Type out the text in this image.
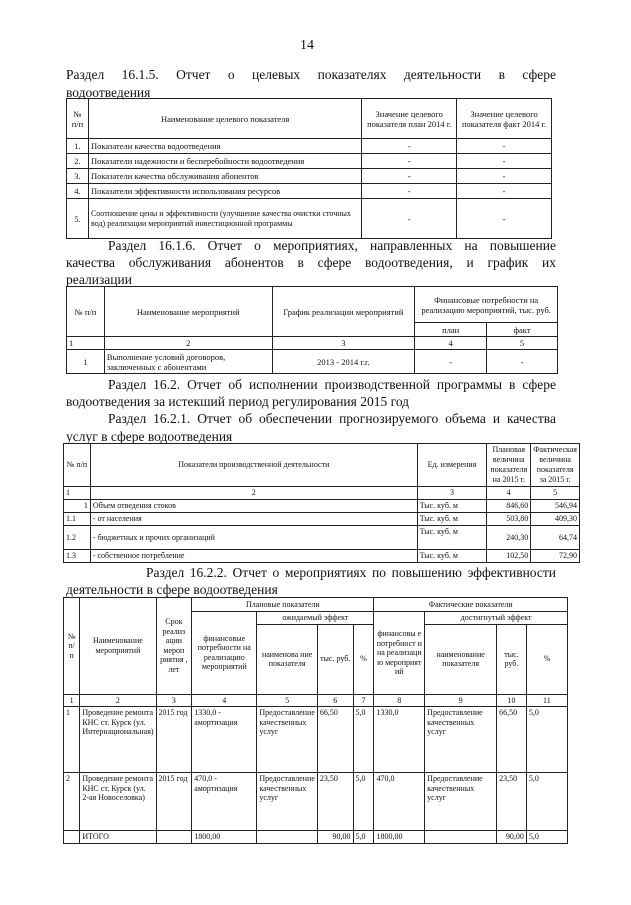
14
Раздел 16.1.5. Отчет о целевых показателях деятельности в сфере
водоотведения
№ п/п	Наименование целевого показателя	Значение целевого показателя план 2014 г.	Значение целевого показателя факт 2014 г.
1.	Показатели качества водоотведения	-	-
2.	Показатели надежности и бесперебойности водоотведения	-	-
3.	Показатели качества обслуживания абонентов	-	-
4.	Показатели эффективности использования ресурсов	-	-
5.	Соотношение цены и эффективности (улучшение качества очистки сточных вод) реализации мероприятий инвестиционной программы	-	-
Раздел 16.1.6. Отчет о мероприятиях, направленных на повышение
качества обслуживания абонентов в сфере водоотведения, и график их
реализации
№ п/п	Наименование мероприятий	График реализации мероприятий	Финансовые потребности на реализацию мероприятий, тыс. руб.	
			план	факт
1	2	3	4	5
1	Выполнение условий договоров, заключенных с абонентами	2013 - 2014 г.г.	-	-
Раздел 16.2. Отчет об исполнении производственной программы в сфере
водоотведения за истекший период регулирования 2015 год
Раздел 16.2.1. Отчет об обеспечении прогнозируемого объема и качества
услуг в сфере водоотведения
№ п/п	Показатели производственной деятельности	Ед. измерения	Плановая величина показателя на 2015 г.	Фактическая величина показателя за 2015 г.
1	2	3	4	5
1	Объем отведения стоков	Тыс. куб. м	846,60	546,94
1.1	- от населения	Тыс. куб. м	503,80	409,30
1.2	- бюджетных и прочих организаций	Тыс. куб. м	240,30	64,74
1.3	- собственное потребление	Тыс. куб. м	102,50	72,90
Раздел 16.2.2. Отчет о мероприятиях по повышению эффективности
деятельности в сфере водоотведения
№ п/ п	Наименование мероприятий	Срок реализ ации мероп риятия , лет	Плановые показатели				Фактические показатели			
			финансовые потребности на реализацию мероприятий	ожидаемый эффект			финансовы е потребност и на реализаци ю мероприят ий	достигнутый эффект		
				наименова ние показателя	тыс. руб.	%		наименование показателя	тыс. руб.	%
1	2	3	4	5	6	7	8	9	10	11
1	Проведение ремонта КНС ст. Курск (ул. Интернациональная)	2015 год	1330,0 - амортизация	Предоставление качественных услуг	66,50	5,0	1330,0	Предоставление качественных услуг	66,50	5,0
2	Проведение ремонта КНС ст. Курск (ул. 2-ая Новоселовка)	2015 год	470,0 - амортизация	Предоставление качественных услуг	23,50	5,0	470,0	Предоставление качественных услуг	23,50	5,0
	ИТОГО		1800,00		90,00	5,0	1800,00		90,00	5,0
